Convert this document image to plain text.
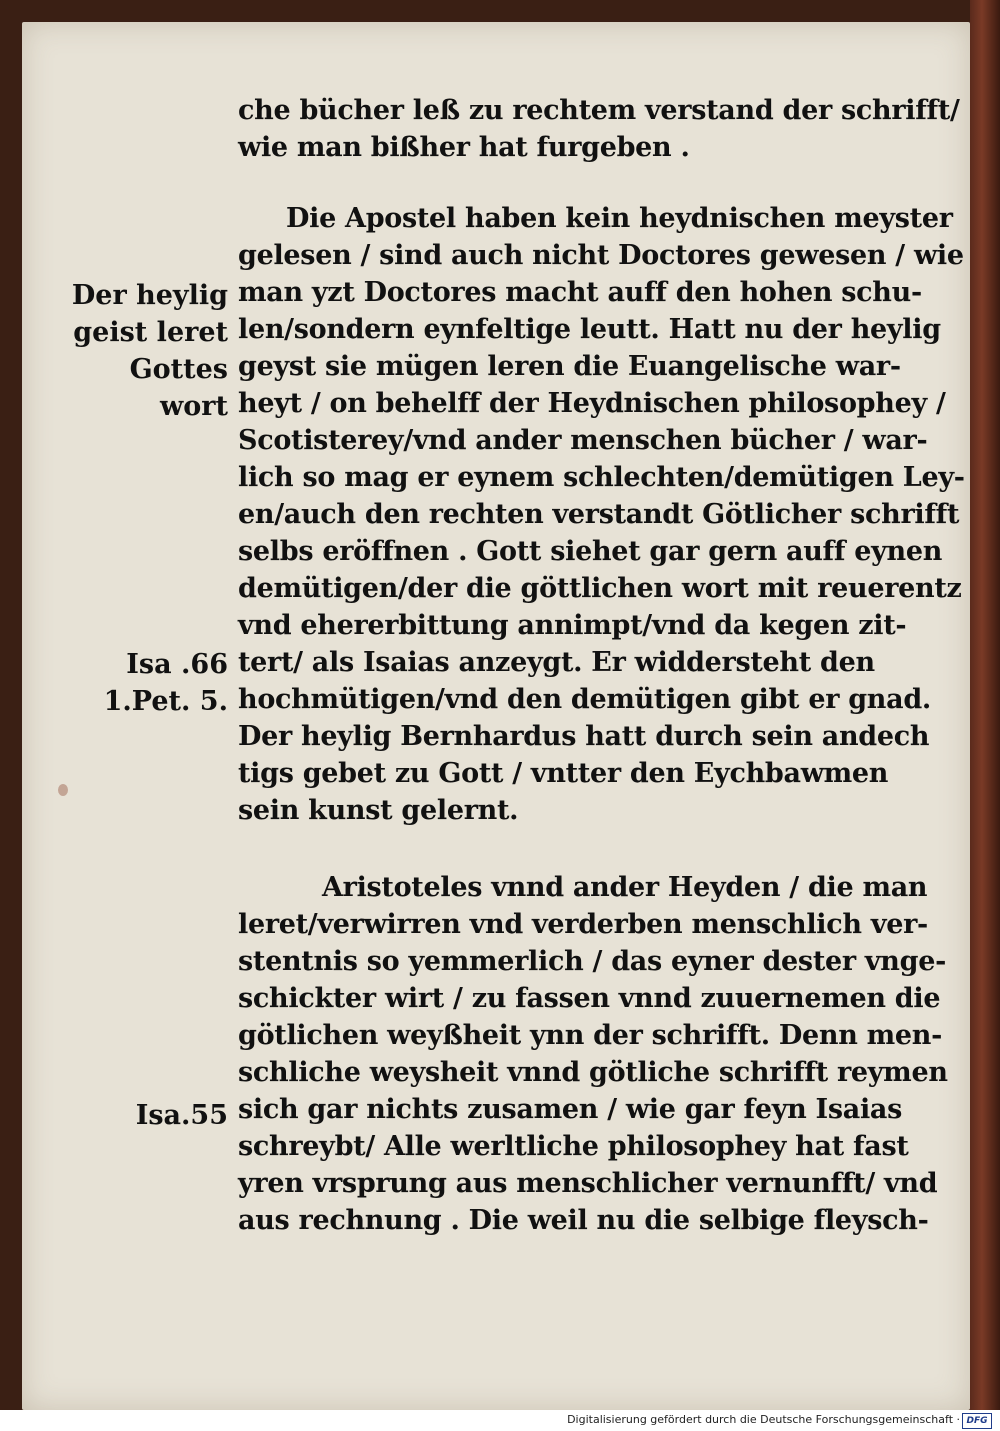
che bücher leß zu rechtem verstand der schrifft/
wie man bißher hat furgeben .
Die Apostel haben kein heydnischen meyster
gelesen / sind auch nicht Doctores gewesen / wie
man yzt Doctores macht auff den hohen schu‑
len/sondern eynfeltige leutt. Hatt nu der heylig
geyst sie mügen leren die Euangelische war‑
heyt / on behelff der Heydnischen philosophey /
Scotisterey/vnd ander menschen bücher / war‑
lich so mag er eynem schlechten/demütigen Ley‑
en/auch den rechten verstandt Götlicher schrifft
selbs eröffnen . Gott siehet gar gern auff eynen
demütigen/der die göttlichen wort mit reuerentz
vnd ehererbittung annimpt/vnd da kegen zit‑
tert/ als Isaias anzeygt. Er widdersteht den
hochmütigen/vnd den demütigen gibt er gnad.
Der heylig Bernhardus hatt durch sein andech
tigs gebet zu Gott / vntter den Eychbawmen
sein kunst gelernt.
Aristoteles vnnd ander Heyden / die man
leret/verwirren vnd verderben menschlich ver‑
stentnis so yemmerlich / das eyner dester vnge‑
schickter wirt / zu fassen vnnd zuuernemen die
götlichen weyßheit ynn der schrifft. Denn men‑
schliche weysheit vnnd götliche schrifft reymen
sich gar nichts zusamen / wie gar feyn Isaias
schreybt/ Alle werltliche philosophey hat fast
yren vrsprung aus menschlicher vernunfft/ vnd
aus rechnung . Die weil nu die selbige fleysch‑
Der heylig
geist leret
Gottes
wort
Isa .66
1.Pet. 5.
Isa.55
Digitalisierung gefördert durch die Deutsche Forschungsgemeinschaft · DFG
